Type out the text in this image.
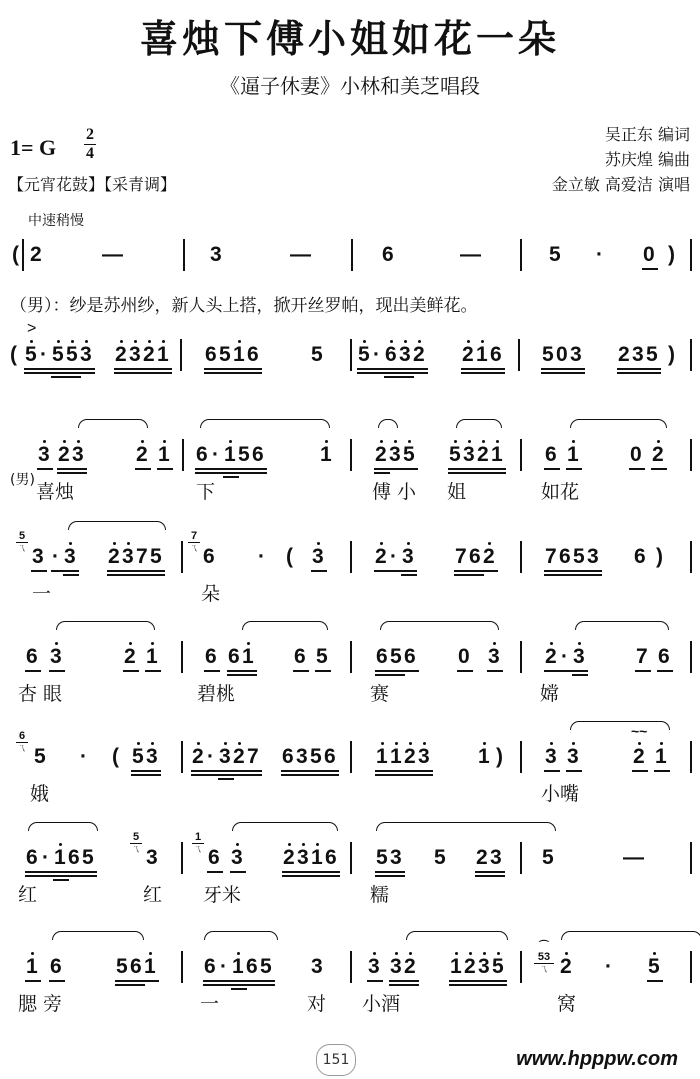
喜烛下傅小姐如花一朵
《逼子休妻》小林和美芝唱段
1= G
2
4
【元宵花鼓】【采青调】
中速稍慢
吴正东 编词
苏庆煌 编曲
金立敏 高爱洁 演唱
（男）：纱是苏州纱，新人头上搭，掀开丝罗帕，现出美鲜花。
( 2	—	3	—	6	—	5 · 0 )
>
( 5 · 5 5 3 2 3 2 1 6 5 1 6 5 5 · 6 3 2 2 1 6 5 0 3 2 3 5 )
(男)
3 2 3 2 1 6 · 1 5 6	1 2 3 5 5 3 2 1 6 1 0 2
喜烛	下	傅 小 姐	如花
5
ㄟ
7
ㄟ
3 · 3 2 3 7 5 6 · ( 3 2 · 3 7 6 2 7 6 5 3 6 )
一	朵
6 3	2 1 6 6 1 6 5 6 5 6 0 3 2 · 3 7 6
杏 眼	碧桃	赛	嫦
~~
6
ㄟ 5 · ( 5 3 2 · 3 2 7 6 3 5 6 1 1 2 3 1 ) 3 3	2 1
娥	小嘴
5
ㄟ
1
ㄟ
6 · 1 6 5 3 6 3 2 3 1 6 5 3 5 2 3 5	—
红	红 牙米	糯
⌒
53
ㄟ
1 6	5 6 1 6 · 1 6 5 3 3 3 2 1 2 3 5	2 · 5
腮 旁	一	对 小酒	窝
151	www.hpppw.com
